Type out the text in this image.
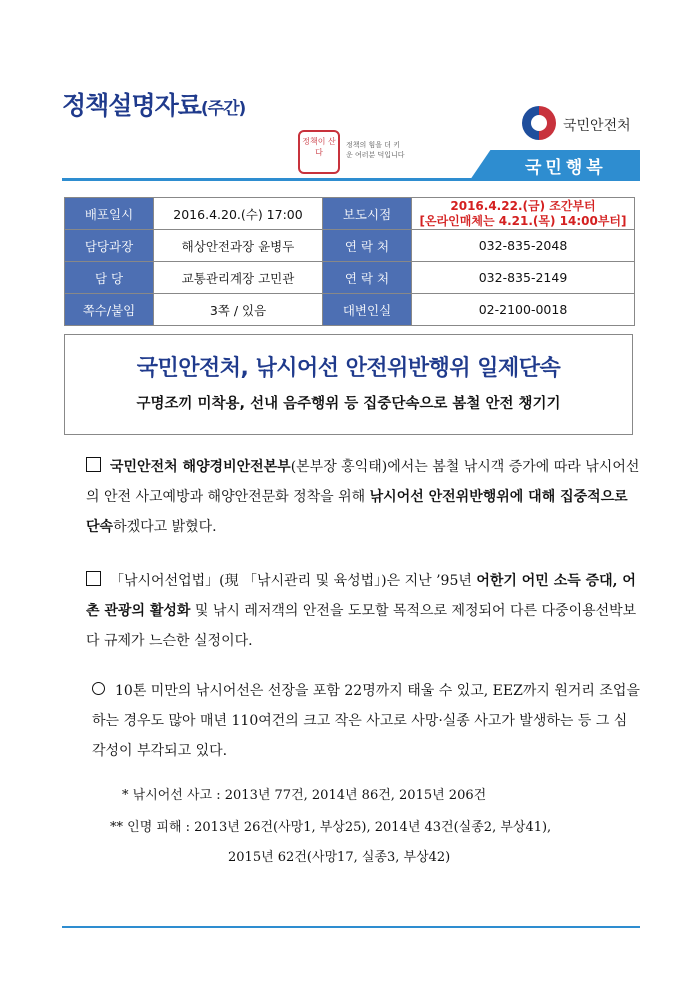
정책설명자료(주간)
정책이 산다
정책의 힘을 더 키운 여러분 덕입니다
국민안전처
국민행복
배포일시	2016.4.20.(수) 17:00	보도시점	2016.4.22.(금) 조간부터
[온라인매체는 4.21.(목) 14:00부터]

담당과장	해상안전과장 윤병두	연 락 처	032-835-2048
담 당	교통관리계장 고민관	연 락 처	032-835-2149
쪽수/붙임	3쪽 / 있음	대변인실	02-2100-0018
국민안전처, 낚시어선 안전위반행위 일제단속
구명조끼 미착용, 선내 음주행위 등 집중단속으로 봄철 안전 챙기기
국민안전처 해양경비안전본부(본부장 홍익태)에서는 봄철 낚시객 증가에 따라 낚시어선의 안전 사고예방과 해양안전문화 정착을 위해 낚시어선 안전위반행위에 대해 집중적으로 단속하겠다고 밝혔다.
「낚시어선업법」(現 「낚시관리 및 육성법」)은 지난 ’95년 어한기 어민 소득 증대, 어촌 관광의 활성화 및 낚시 레저객의 안전을 도모할 목적으로 제정되어 다른 다중이용선박보다 규제가 느슨한 실정이다.
10톤 미만의 낚시어선은 선장을 포함 22명까지 태울 수 있고, EEZ까지 원거리 조업을 하는 경우도 많아 매년 110여건의 크고 작은 사고로 사망·실종 사고가 발생하는 등 그 심각성이 부각되고 있다.
* 낚시어선 사고 : 2013년 77건, 2014년 86건, 2015년 206건
** 인명 피해 : 2013년 26건(사망1, 부상25), 2014년 43건(실종2, 부상41),
2015년 62건(사망17, 실종3, 부상42)
